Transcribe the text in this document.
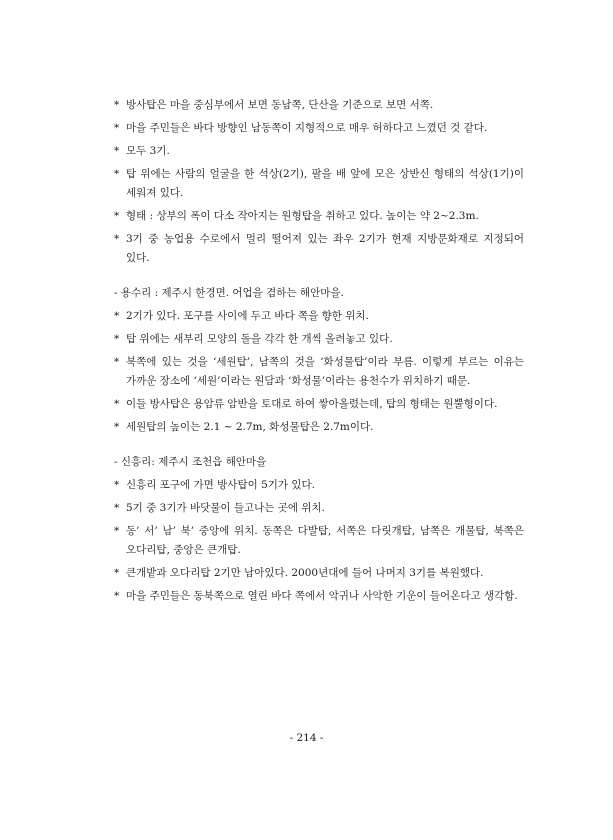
* 방사탑은 마을 중심부에서 보면 동남쪽, 단산을 기준으로 보면 서쪽.
* 마을 주민들은 바다 방향인 남동쪽이 지형적으로 매우 허하다고 느꼈던 것 같다.
* 모두 3기.
* 탑 위에는 사람의 얼굴을 한 석상(2기), 팔을 배 앞에 모은 상반신 형태의 석상(1기)이 세워져 있다.
* 형태 : 상부의 폭이 다소 작아지는 원형탑을 취하고 있다. 높이는 약 2~2.3m.
* 3기 중 농업용 수로에서 멀리 떨어져 있는 좌우 2기가 현재 지방문화재로 지정되어 있다.
- 용수리 : 제주시 한경면. 어업을 겸하는 해안마을.
* 2기가 있다. 포구를 사이에 두고 바다 쪽을 향한 위치.
* 탑 위에는 새부리 모양의 돌을 각각 한 개씩 올려놓고 있다.
* 북쪽에 있는 것을 ‘세원탑’, 남쪽의 것을 ‘화성물탑’이라 부름. 이렇게 부르는 이유는 가까운 장소에 ‘세원’이라는 원담과 ‘화성물’이라는 용천수가 위치하기 때문.
* 이들 방사탑은 용암류 암반을 토대로 하여 쌓아올렸는데, 탑의 형태는 원뿔형이다.
* 세원탑의 높이는 2.1 ~ 2.7m, 화성물탑은 2.7m이다.
- 신흥리: 제주시 조천읍 해안마을
* 신흥리 포구에 가면 방사탑이 5기가 있다.
* 5기 중 3기가 바닷물이 들고나는 곳에 위치.
* 동’ 서’ 남’ 북’ 중앙에 위치. 동쪽은 다발탑, 서쪽은 다릿개탑, 남쪽은 개물탑, 북쪽은 오다리탑, 중앙은 큰개탑.
* 큰개밭과 오다리탑 2기만 남아있다. 2000년대에 들어 나머지 3기를 복원했다.
* 마을 주민들은 동북쪽으로 열린 바다 쪽에서 악귀나 사악한 기운이 들어온다고 생각함.
- 214 -
